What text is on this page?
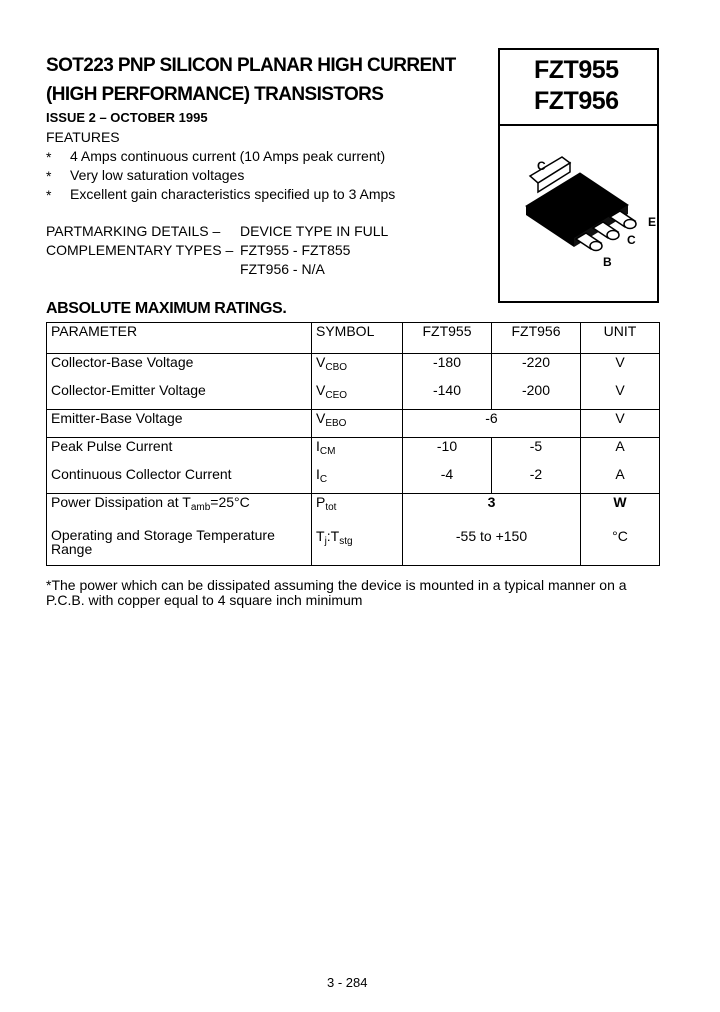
SOT223 PNP SILICON PLANAR HIGH CURRENT
(HIGH PERFORMANCE) TRANSISTORS
ISSUE 2 – OCTOBER 1995
FZT955
FZT956
C
E
C
B
FEATURES
* 4 Amps continuous current (10 Amps peak current)
* Very low saturation voltages
* Excellent gain characteristics specified up to 3 Amps
PARTMARKING DETAILS – DEVICE TYPE IN FULL
COMPLEMENTARY TYPES – FZT955 - FZT855
FZT956 - N/A
ABSOLUTE MAXIMUM RATINGS.
PARAMETER	SYMBOL	FZT955	FZT956	UNIT
Collector-Base Voltage	$V_{CBO}$	-180	-220	V
Collector-Emitter Voltage	$V_{CEO}$	-140	-200	V
Emitter-Base Voltage	$V_{EBO}$	-6		V
Peak Pulse Current	$I_{CM}$	-10	-5	A
Continuous Collector Current	$I_C$	-4	-2	A
Power Dissipation at $T_{amb}=25^\circ C$	$P_{tot}$	3		W
Operating and Storage Temperature
Range	$T_j:T_{stg}$	-55 to +150		°C
*The power which can be dissipated assuming the device is mounted in a typical manner on a
P.C.B. with copper equal to 4 square inch minimum
3 - 284
